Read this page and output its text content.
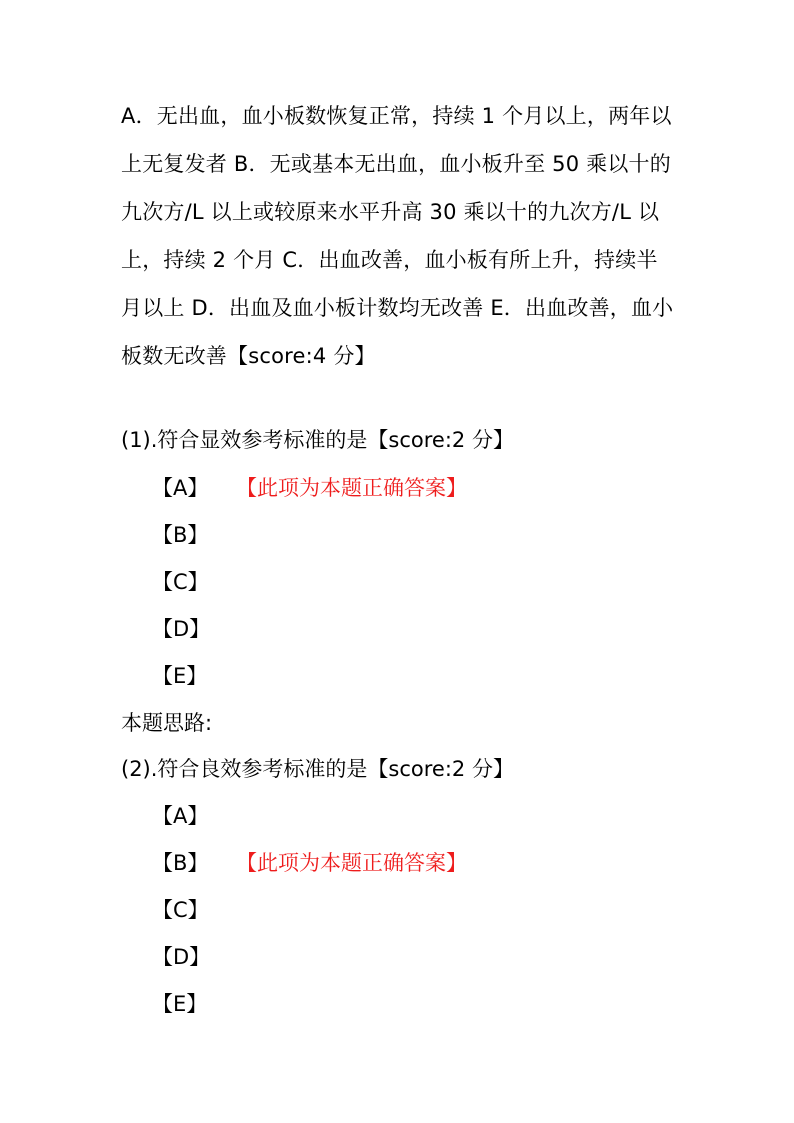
A．无出血，血小板数恢复正常，持续 1 个月以上，两年以上无复发者 B．无或基本无出血，血小板升至 50 乘以十的九次方/L 以上或较原来水平升高 30 乘以十的九次方/L 以上，持续 2 个月 C．出血改善，血小板有所上升，持续半月以上 D．出血及血小板计数均无改善 E．出血改善，血小板数无改善【score:4 分】
(1).符合显效参考标准的是【score:2 分】
【A】 【此项为本题正确答案】
【B】
【C】
【D】
【E】
本题思路:
(2).符合良效参考标准的是【score:2 分】
【A】
【B】 【此项为本题正确答案】
【C】
【D】
【E】
